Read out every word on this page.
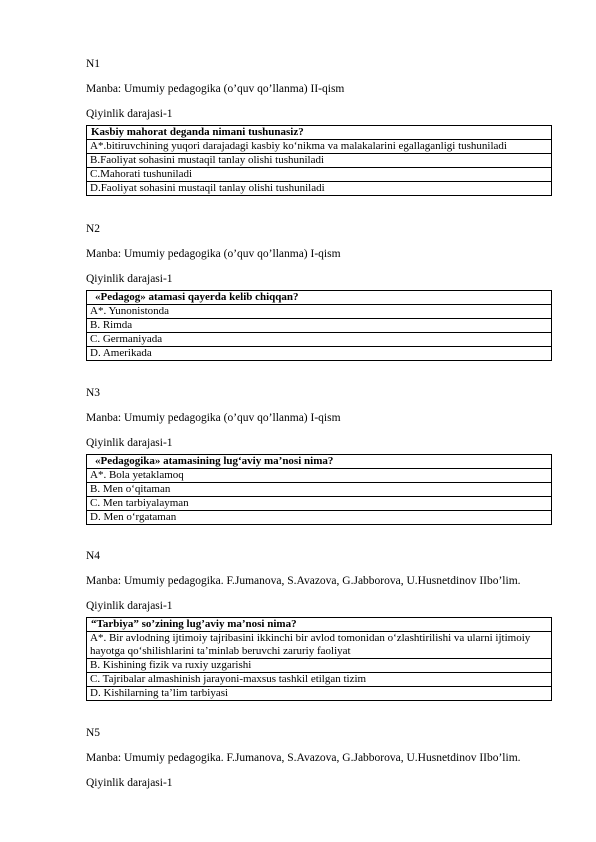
N1
Manba: Umumiy pedagogika (o’quv qo’llanma) II-qism
Qiyinlik darajasi-1
Kasbiy mahorat deganda nimani tushunasiz?
A*.bitiruvchining yuqori darajadagi kasbiy ko‘nikma va malakalarini egallaganligi tushuniladi
B.Faoliyat sohasini mustaqil tanlay olishi tushuniladi
C.Mahorati tushuniladi
D.Faoliyat sohasini mustaqil tanlay olishi tushuniladi
N2
Manba: Umumiy pedagogika (o’quv qo’llanma) I-qism
Qiyinlik darajasi-1
«Pedagog» atamasi qayerda kelib chiqqan?
A*. Yunonistonda
B. Rimda
C. Germaniyada
D. Amerikada
N3
Manba: Umumiy pedagogika (o’quv qo’llanma) I-qism
Qiyinlik darajasi-1
«Pedagogika» atamasining lug‘aviy ma’nosi nima?
A*. Bola yetaklamoq
B. Men o‘qitaman
C. Men tarbiyalayman
D. Men o‘rgataman
N4
Manba: Umumiy pedagogika. F.Jumanova, S.Avazova, G.Jabborova, U.Husnetdinov IIbo’lim.
Qiyinlik darajasi-1
“Tarbiya” so’zining lug’aviy ma’nosi nima?
A*. Bir avlodning ijtimoiy tajribasini ikkinchi bir avlod tomonidan o‘zlashtirilishi va ularni ijtimoiy hayotga qo‘shilishlarini ta’minlab beruvchi zaruriy faoliyat
B. Kishining fizik va ruxiy uzgarishi
C. Tajribalar almashinish jarayoni-maxsus tashkil etilgan tizim
D. Kishilarning ta’lim tarbiyasi
N5
Manba: Umumiy pedagogika. F.Jumanova, S.Avazova, G.Jabborova, U.Husnetdinov IIbo’lim.
Qiyinlik darajasi-1
